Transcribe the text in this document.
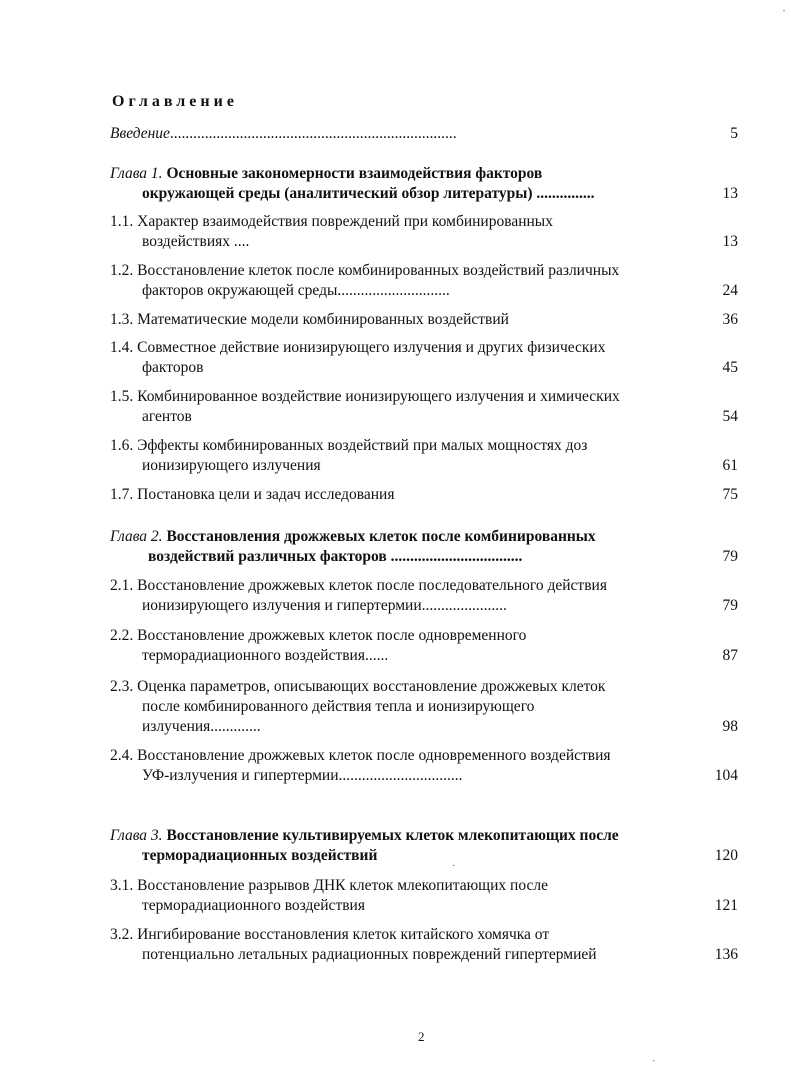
ˈ
Оглавление
Введение..........................................................................	5
Глава 1. Основные закономерности взаимодействия факторов
окружающей среды (аналитический обзор литературы) ...............	13
1.1. Характер взаимодействия повреждений при комбинированных
воздействиях ....	13
1.2. Восстановление клеток после комбинированных воздействий различных
факторов окружающей среды.............................	24
1.3. Математические модели комбинированных воздействий	36
1.4. Совместное действие ионизирующего излучения и других физических
факторов	45
1.5. Комбинированное воздействие ионизирующего излучения и химических
агентов	54
1.6. Эффекты комбинированных воздействий при малых мощностях доз
ионизирующего излучения	61
1.7. Постановка цели и задач исследования	75
Глава 2. Восстановления дрожжевых клеток после комбинированных
воздействий различных факторов ..................................	79
2.1. Восстановление дрожжевых клеток после последовательного действия
ионизирующего излучения и гипертермии......................	79
2.2. Восстановление дрожжевых клеток после одновременного
терморадиационного воздействия......	87
2.3. Оценка параметров, описывающих восстановление дрожжевых клеток
после комбинированного действия тепла и ионизирующего
излучения.............	98
2.4. Восстановление дрожжевых клеток после одновременного воздействия
УФ-излучения и гипертермии................................	104
Глава 3. Восстановление культивируемых клеток млекопитающих после
терморадиационных воздействий	120
3.1. Восстановление разрывов ДНК клеток млекопитающих после
терморадиационного воздействия	121
3.2. Ингибирование восстановления клеток китайского хомячка от
потенциально летальных радиационных повреждений гипертермией	136
2
·
ˏ
